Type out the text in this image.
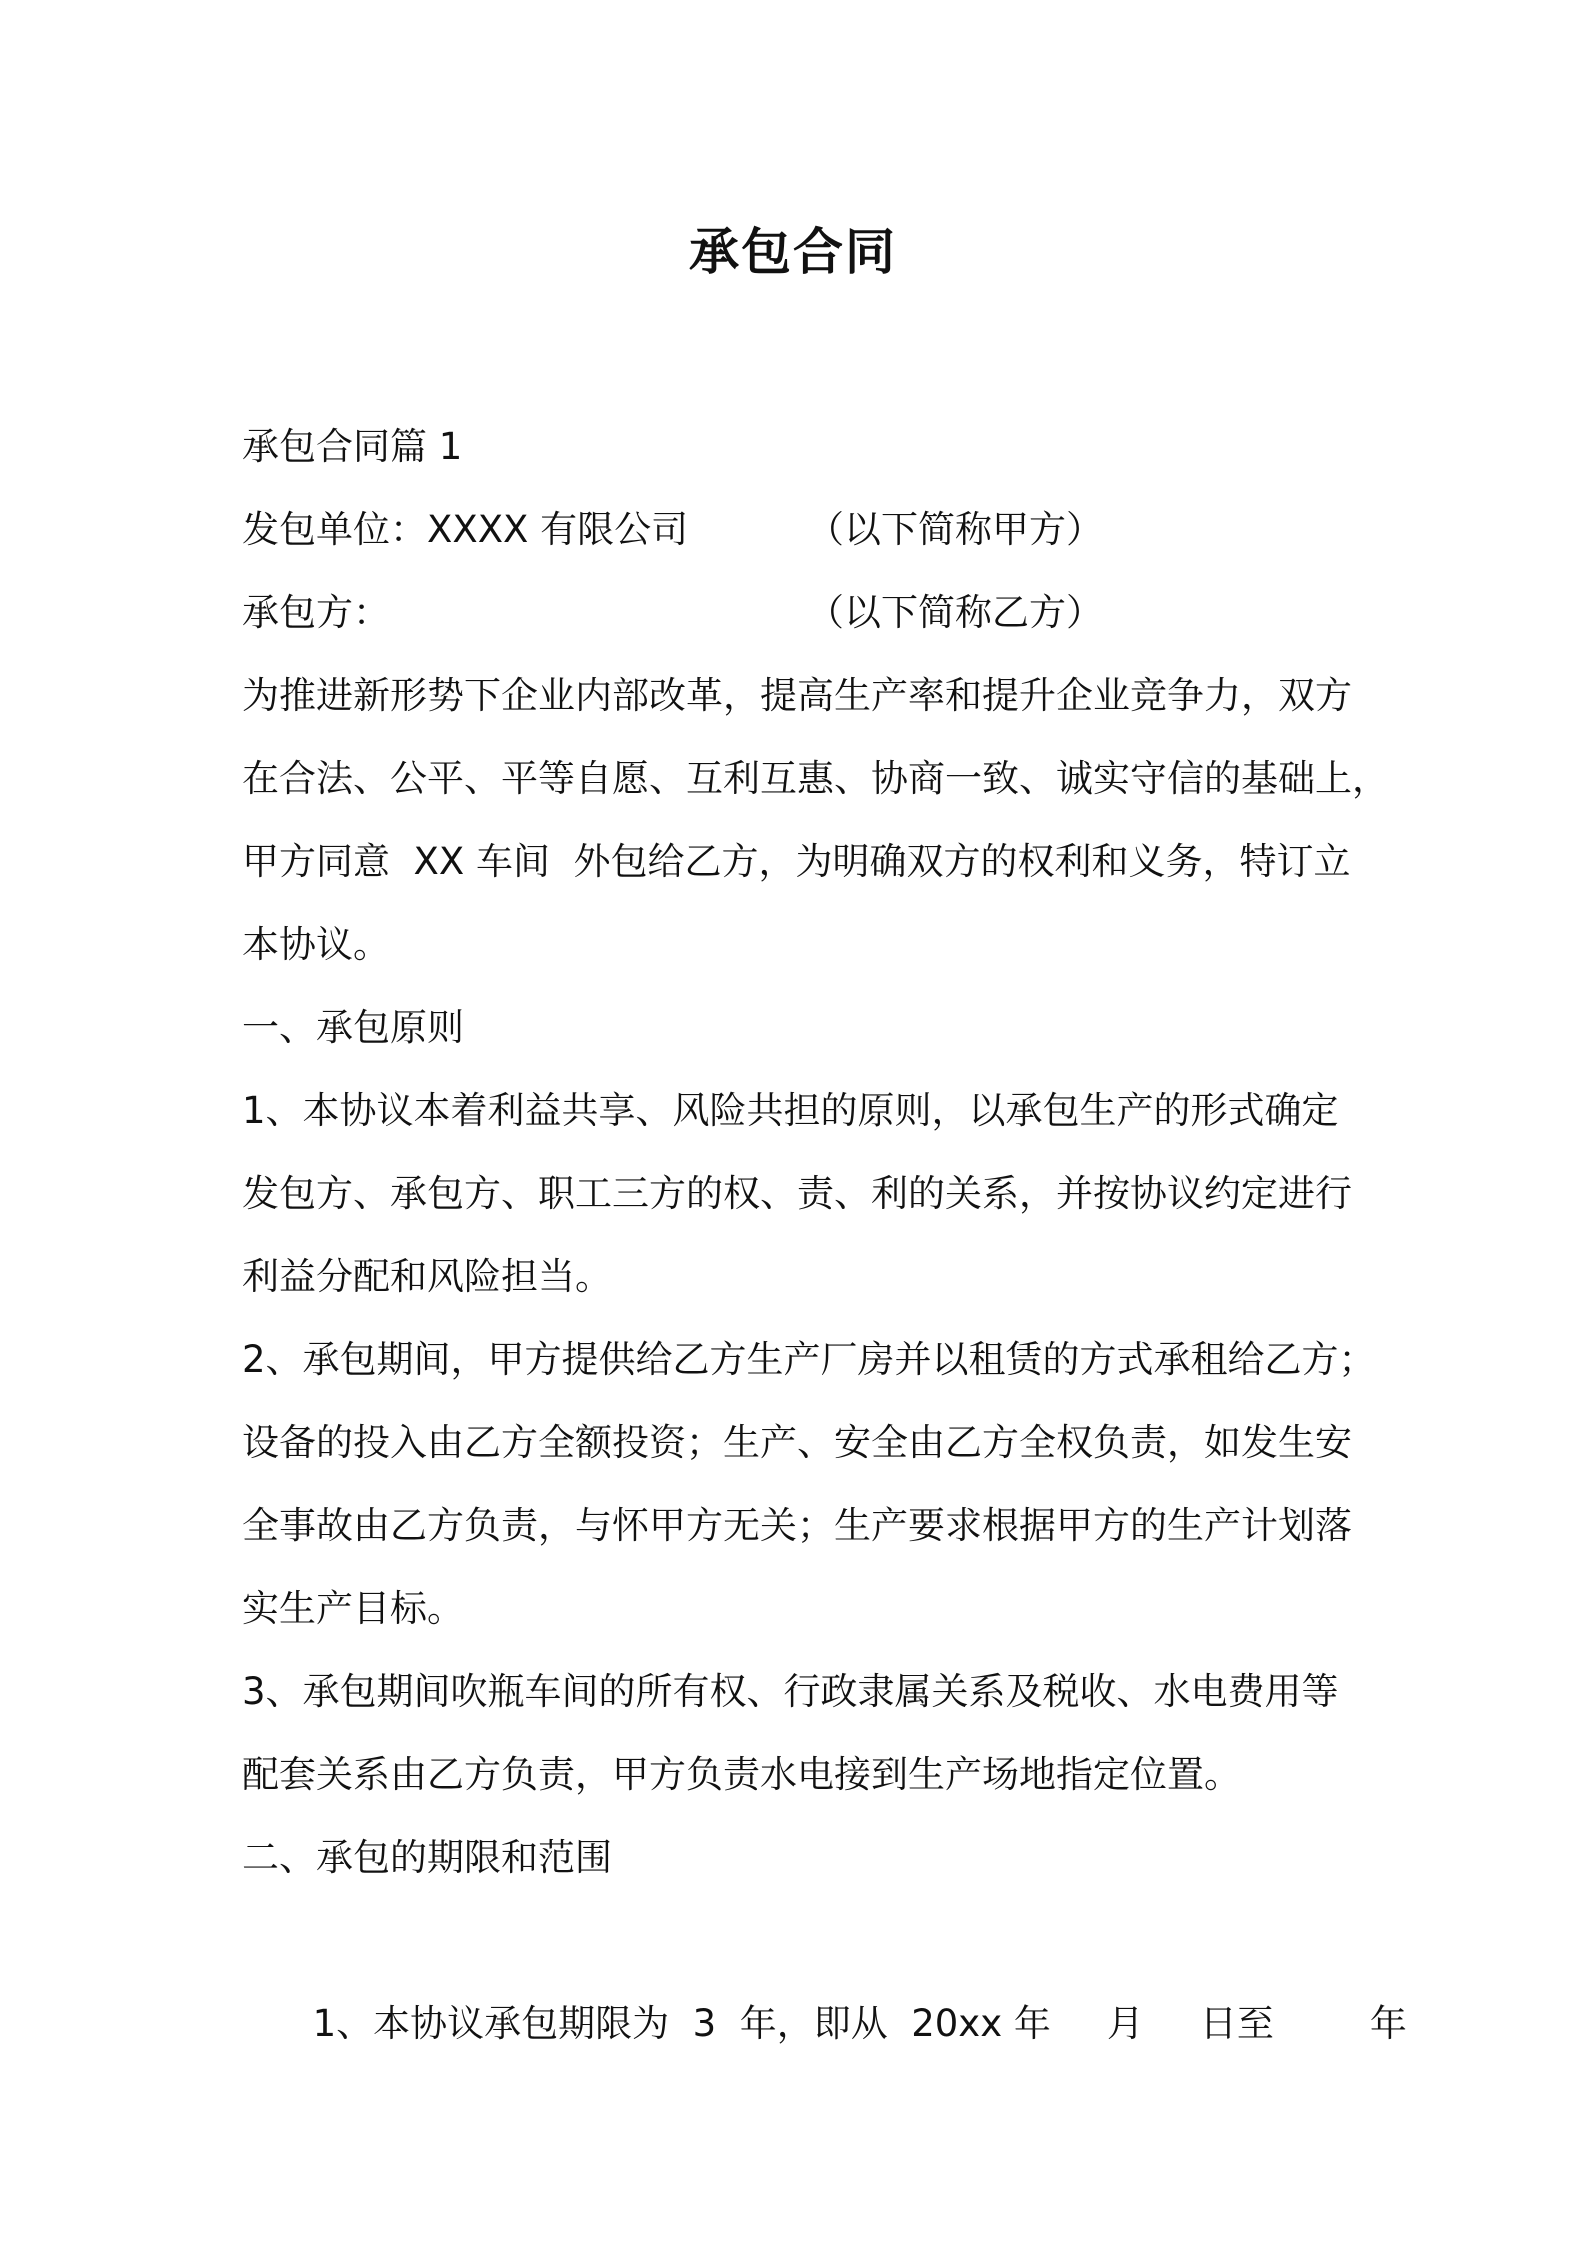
承包合同

承包合同篇 1

发包单位：XXXX 有限公司	（以下简称甲方）
承包方：	（以下简称乙方）

为推进新形势下企业内部改革，提高生产率和提升企业竞争力，双方

在合法、公平、平等自愿、互利互惠、协商一致、诚实守信的基础上，

甲方同意  XX 车间  外包给乙方，为明确双方的权利和义务，特订立

本协议。

一、承包原则

1、本协议本着利益共享、风险共担的原则，以承包生产的形式确定

发包方、承包方、职工三方的权、责、利的关系，并按协议约定进行

利益分配和风险担当。

2、承包期间，甲方提供给乙方生产厂房并以租赁的方式承租给乙方；

设备的投入由乙方全额投资；生产、安全由乙方全权负责，如发生安

全事故由乙方负责，与怀甲方无关；生产要求根据甲方的生产计划落

实生产目标。

3、承包期间吹瓶车间的所有权、行政隶属关系及税收、水电费用等

配套关系由乙方负责，甲方负责水电接到生产场地指定位置。

二、承包的期限和范围

1、本协议承包期限为  3  年，即从  20xx 年 月 日至	年
